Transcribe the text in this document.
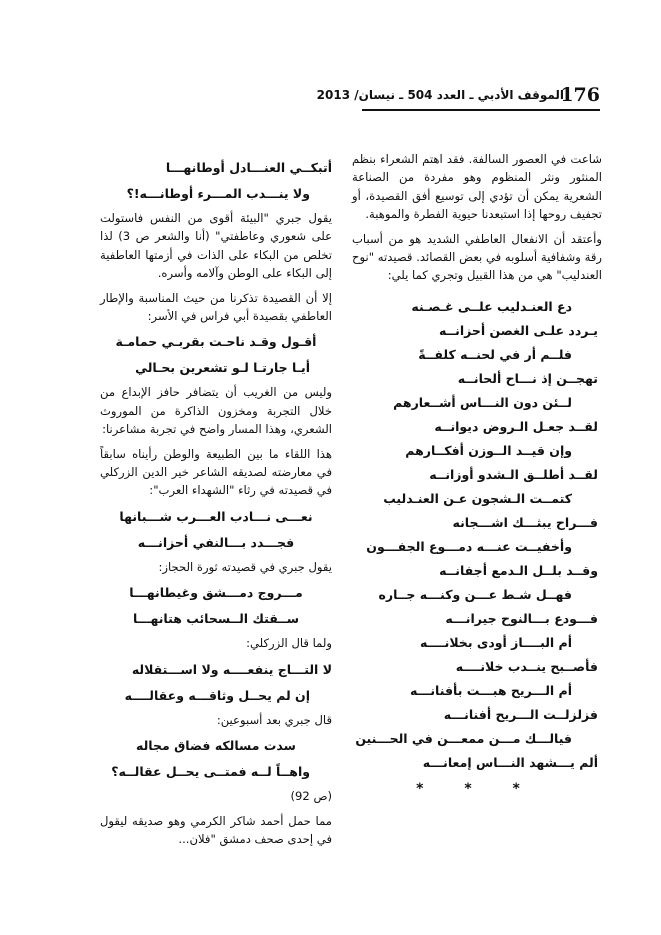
176
الموقف الأدبي ـ العدد 504 ـ نيسان/ 2013

شاعت في العصور السالفة. فقد اهتم الشعراء بنظم المنثور ونثر المنظوم وهو مفردة من الصناعة الشعرية يمكن أن تؤدي إلى توسيع أفق القصيدة، أو تجفيف روحها إذا استبعدنا حيوية الفطرة والموهبة.

وأعتقد أن الانفعال العاطفي الشديد هو من أسباب رقة وشفافية أسلوبه في بعض القصائد. قصيدته "نوح العندليب" هي من هذا القبيل وتجري كما يلي:

دع العنـدليب علــى غـصـنه
يـردد علـى الغصن أحزانــه
فلــم أر في لحنــه كلفــةً
تهجــن إذ نـــاح ألحانــه
لــئن دون النـــاس أشــعارهم
لقــد جعـل الـروض ديوانــه
وإن قيــد الــوزن أفكــارهم
لقــد أطلــق الـشدو أوزانــه
كتمــت الـشجون عـن العنـدليب
فـــراح يبثـــك اشـــجانه
وأخفيــت عنـــه دمـــوع الجفـــون
وقــد بلــل الـدمع أجفانــه
فهــل شـط عـــن وكنـــه جــاره
فـــودع بـــالنوح جيرانـــه
أم البــــاز أودى بخلانــــه
فأصــبح ينــدب خلانــــه
أم الـــريح هبـــت بأفنانـــه
فزلزلــت الـــريح أفنانـــه
فيالـــك مـــن ممعـــن في الحـــنين
ألم يـــشهد النـــاس إمعانـــه
* * *
أتبكــي العنـــادل أوطانهـــا
ولا ينـــدب المـــرء أوطانـــه!؟

يقول جبري "البيئة أقوى من النفس فاستولت على شعوري وعاطفتي" (أنا والشعر ص 3) لذا تخلص من البكاء على الذات في أزمتها العاطفية إلى البكاء على الوطن وآلامه وأسره.

إلا أن القصيدة تذكرنا من حيث المناسبة والإطار العاطفي بقصيدة أبي فراس في الأسر:

أقـول وقـد ناحـت بقربـي حمامـة
أيـا جارتـا لـو تشعرين بحـالي

وليس من الغريب أن يتضافر حافز الإبداع من خلال التجربة ومخزون الذاكرة من الموروث الشعري، وهذا المسار واضح في تجربة مشاعرنا:

هذا اللقاء ما بين الطبيعة والوطن رأيناه سابقاً في معارضته لصديقه الشاعر خير الدين الزركلي في قصيدته في رثاء "الشهداء العرب":

نعـــى نـــادب العـــرب شـــبانها
فجـــدد بـــالنفي أحزانـــه

يقول جبري في قصيدته ثورة الحجاز:

مـــروج دمـــشق وغيطانهـــا
ســقتك الــسحائب هتانهـــا

ولما قال الزركلي:

لا التـــاج ينفعــــه ولا اســـتقلاله
إن لم يحــل وثاقـــه وعقالــــه

قال جبري بعد أسبوعين:

سدت مسالكه فضاق مجاله
واهــاً لــه فمتــى يحــل عقالــه؟

(ص 92)

مما حمل أحمد شاكر الكرمي وهو صديقه ليقول في إحدى صحف دمشق "فلان...
